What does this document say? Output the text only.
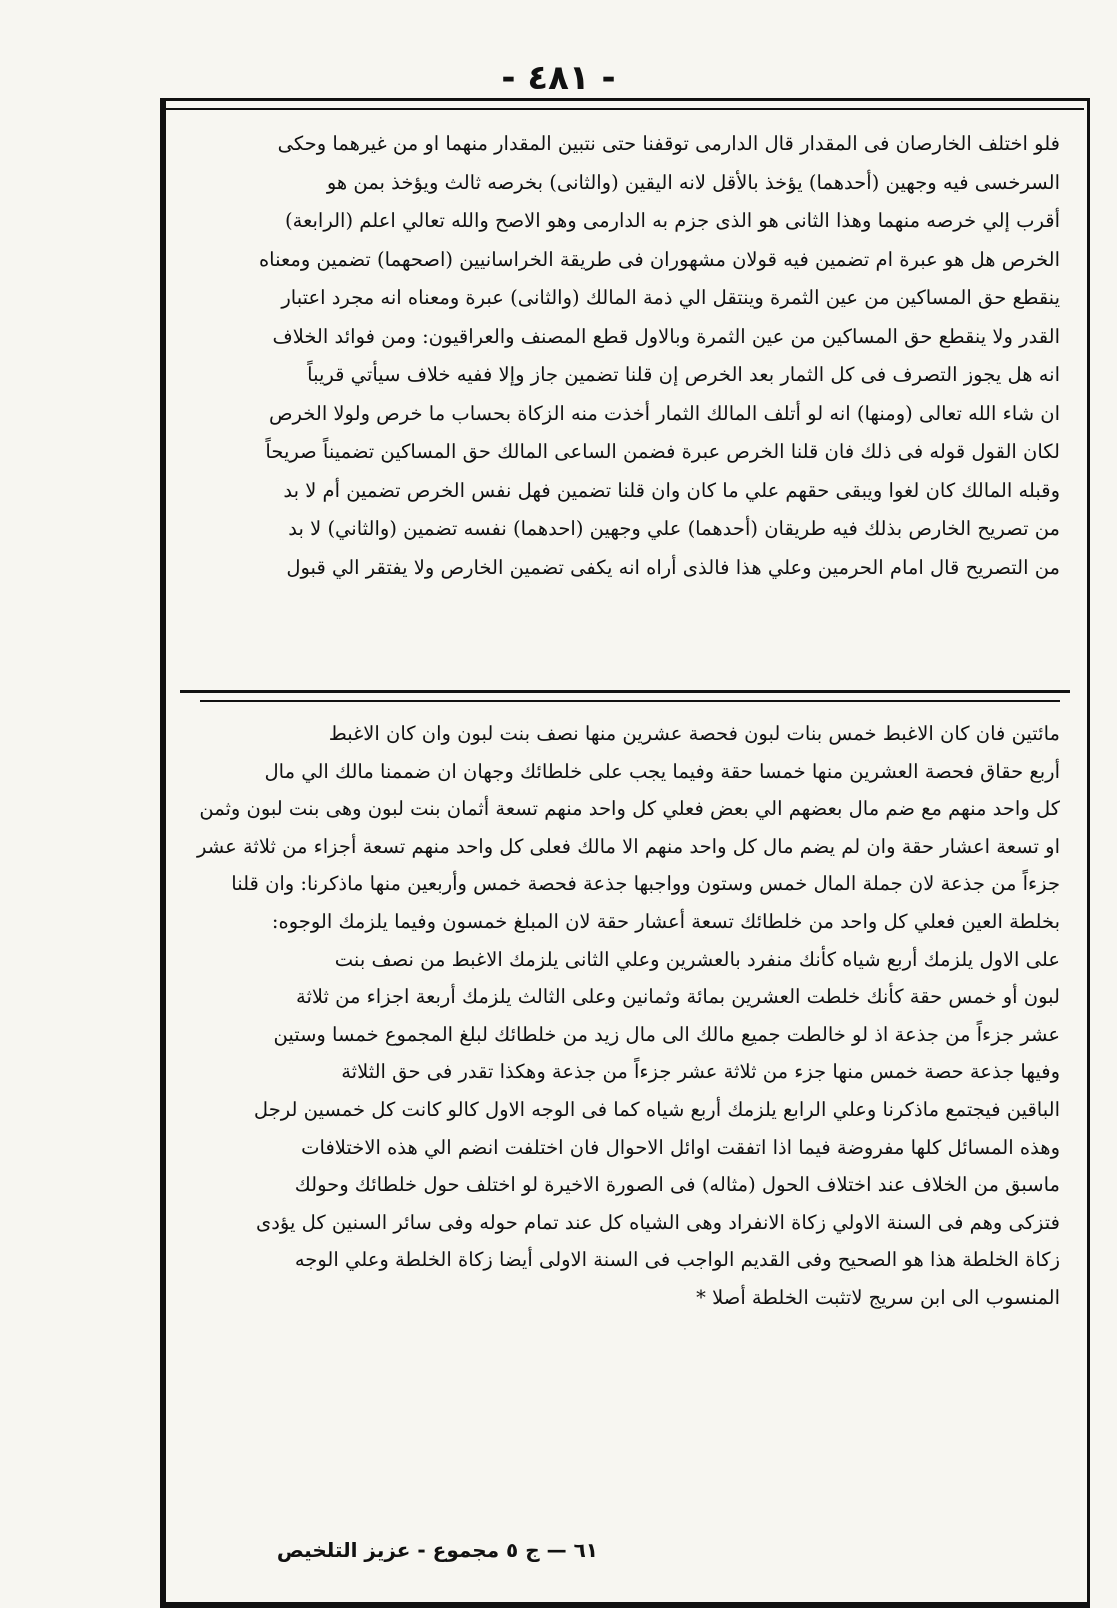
- ٤٨١ -
فلو اختلف الخارصان فى المقدار قال الدارمى توقفنا حتى نتبين المقدار منهما او من غيرهما وحكى
السرخسى فيه وجهين (أحدهما) يؤخذ بالأقل لانه اليقين (والثانى) بخرصه ثالث ويؤخذ بمن هو
أقرب إلي خرصه منهما وهذا الثانى هو الذى جزم به الدارمى وهو الاصح والله تعالي اعلم (الرابعة)
الخرص هل هو عبرة ام تضمين فيه قولان مشهوران فى طريقة الخراسانيين (اصحهما) تضمين ومعناه
ينقطع حق المساكين من عين الثمرة وينتقل الي ذمة المالك (والثانى) عبرة ومعناه انه مجرد اعتبار
القدر ولا ينقطع حق المساكين من عين الثمرة وبالاول قطع المصنف والعراقيون: ومن فوائد الخلاف
انه هل يجوز التصرف فى كل الثمار بعد الخرص إن قلنا تضمين جاز وإلا ففيه خلاف سيأتي قريباً
ان شاء الله تعالى (ومنها) انه لو أتلف المالك الثمار أخذت منه الزكاة بحساب ما خرص ولولا الخرص
لكان القول قوله فى ذلك فان قلنا الخرص عبرة فضمن الساعى المالك حق المساكين تضميناً صريحاً
وقبله المالك كان لغوا ويبقى حقهم علي ما كان وان قلنا تضمين فهل نفس الخرص تضمين أم لا بد
من تصريح الخارص بذلك فيه طريقان (أحدهما) علي وجهين (احدهما) نفسه تضمين (والثاني) لا بد
من التصريح قال امام الحرمين وعلي هذا فالذى أراه انه يكفى تضمين الخارص ولا يفتقر الي قبول
مائتين فان كان الاغبط خمس بنات لبون فحصة عشرين منها نصف بنت لبون وان كان الاغبط
أربع حقاق فحصة العشرين منها خمسا حقة وفيما يجب على خلطائك وجهان ان ضممنا مالك الي مال
كل واحد منهم مع ضم مال بعضهم الي بعض فعلي كل واحد منهم تسعة أثمان بنت لبون وهى بنت لبون وثمن
او تسعة اعشار حقة وان لم يضم مال كل واحد منهم الا مالك فعلى كل واحد منهم تسعة أجزاء من ثلاثة عشر
جزءاً من جذعة لان جملة المال خمس وستون وواجبها جذعة فحصة خمس وأربعين منها ماذكرنا: وان قلنا
بخلطة العين فعلي كل واحد من خلطائك تسعة أعشار حقة لان المبلغ خمسون وفيما يلزمك الوجوه:
على الاول يلزمك أربع شياه كأنك منفرد بالعشرين وعلي الثانى يلزمك الاغبط من نصف بنت
لبون أو خمس حقة كأنك خلطت العشرين بمائة وثمانين وعلى الثالث يلزمك أربعة اجزاء من ثلاثة
عشر جزءاً من جذعة اذ لو خالطت جميع مالك الى مال زيد من خلطائك لبلغ المجموع خمسا وستين
وفيها جذعة حصة خمس منها جزء من ثلاثة عشر جزءاً من جذعة وهكذا تقدر فى حق الثلاثة
الباقين فيجتمع ماذكرنا وعلي الرابع يلزمك أربع شياه كما فى الوجه الاول كالو كانت كل خمسين لرجل
وهذه المسائل كلها مفروضة فيما اذا اتفقت اوائل الاحوال فان اختلفت انضم الي هذه الاختلافات
ماسبق من الخلاف عند اختلاف الحول (مثاله) فى الصورة الاخيرة لو اختلف حول خلطائك وحولك
فتزكى وهم فى السنة الاولي زكاة الانفراد وهى الشياه كل عند تمام حوله وفى سائر السنين كل يؤدى
زكاة الخلطة هذا هو الصحيح وفى القديم الواجب فى السنة الاولى أيضا زكاة الخلطة وعلي الوجه
المنسوب الى ابن سريج لاتثبت الخلطة أصلا *
٦١ — ج ٥ مجموع - عزيز التلخيص
